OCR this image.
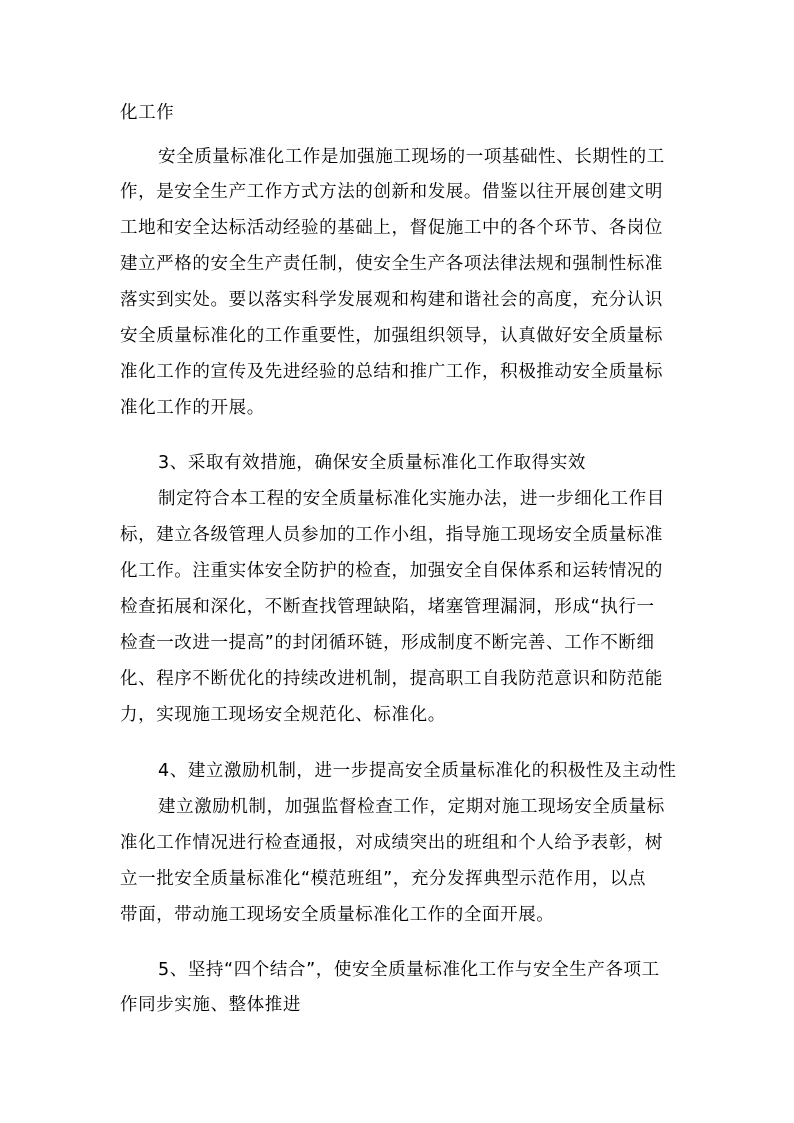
化工作
安全质量标准化工作是加强施工现场的一项基础性、长期性的工
作，是安全生产工作方式方法的创新和发展。借鉴以往开展创建文明
工地和安全达标活动经验的基础上，督促施工中的各个环节、各岗位
建立严格的安全生产责任制，使安全生产各项法律法规和强制性标准
落实到实处。要以落实科学发展观和构建和谐社会的高度，充分认识
安全质量标准化的工作重要性，加强组织领导，认真做好安全质量标
准化工作的宣传及先进经验的总结和推广工作，积极推动安全质量标
准化工作的开展。
3、采取有效措施，确保安全质量标准化工作取得实效
制定符合本工程的安全质量标准化实施办法，进一步细化工作目
标，建立各级管理人员参加的工作小组，指导施工现场安全质量标准
化工作。注重实体安全防护的检查，加强安全自保体系和运转情况的
检查拓展和深化，不断查找管理缺陷，堵塞管理漏洞，形成“执行一
检查一改进一提高”的封闭循环链，形成制度不断完善、工作不断细
化、程序不断优化的持续改进机制，提高职工自我防范意识和防范能
力，实现施工现场安全规范化、标准化。
4、建立激励机制，进一步提高安全质量标准化的积极性及主动性
建立激励机制，加强监督检查工作，定期对施工现场安全质量标
准化工作情况进行检查通报，对成绩突出的班组和个人给予表彰，树
立一批安全质量标准化“模范班组”，充分发挥典型示范作用，以点
带面，带动施工现场安全质量标准化工作的全面开展。
5、坚持“四个结合”，使安全质量标准化工作与安全生产各项工
作同步实施、整体推进
